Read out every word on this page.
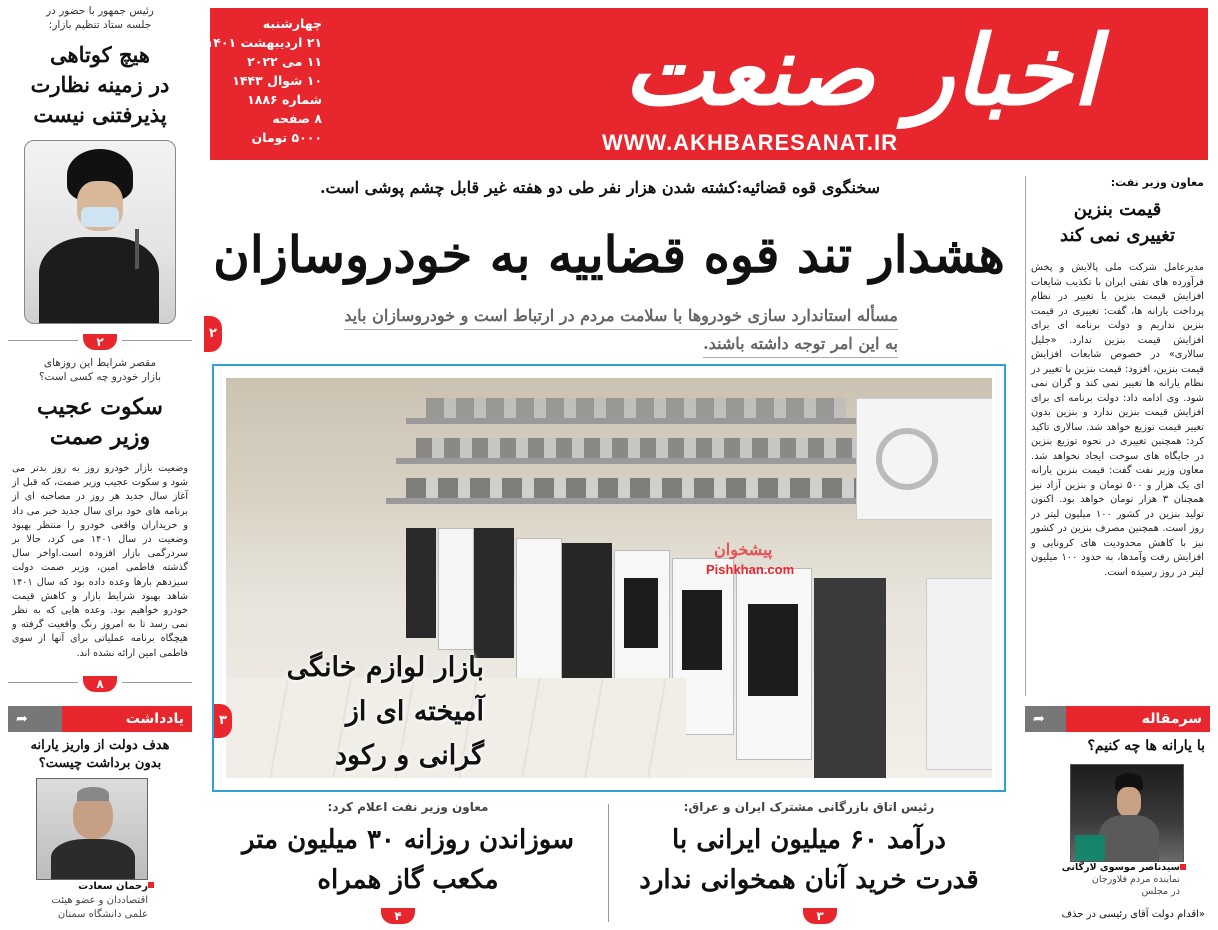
اخبار صنعت
WWW.AKHBARESANAT.IR
چهارشنبه
۲۱ اردیبهشت ۱۴۰۱
۱۱ می ۲۰۲۲
۱۰ شوال ۱۴۴۳
شماره ۱۸۸۶
۸ صفحه
۵۰۰۰ تومان
رئیس جمهور با حضور در
جلسه ستاد تنظیم بازار:
هیچ کوتاهی
در زمینه نظارت
پذیرفتنی نیست
۲
مقصر شرایط این روزهای
بازار خودرو چه کسی است؟
سکوت عجیب
وزیر صمت
وضعیت بازار خودرو روز به روز بدتر می شود و سکوت عجیب وزیر صمت، که قبل از آغاز سال جدید هر روز در مصاحبه ای از برنامه های خود برای سال جدید خبر می داد و خریداران واقعی خودرو را منتظر بهبود وضعیت در سال ۱۴۰۱ می کرد، حالا بر سردرگمی بازار افزوده است.اواخر سال گذشته فاطمی امین، وزیر صمت دولت سیزدهم بارها وعده داده بود که سال ۱۴۰۱ شاهد بهبود شرایط بازار و کاهش قیمت خودرو خواهیم بود. وعده هایی که به نظر نمی رسد تا به امروز رنگ واقعیت گرفته و هیچگاه برنامه عملیاتی برای آنها از سوی فاطمی امین ارائه نشده اند.
۸
یادداشت
➦
هدف دولت از واریز یارانه
بدون برداشت چیست؟
رحمان سعادت
اقتصاددان و عضو هیئت
علمی دانشگاه سمنان
سخنگوی قوه قضائیه:کشته شدن هزار نفر طی دو هفته غیر قابل چشم پوشی است.
هشدار تند قوه قضاییه به خودروسازان
مسأله استاندارد سازی خودروها با سلامت مردم در ارتباط است و خودروسازان باید
به این امر توجه داشته باشند.
۲
Pishkhan.com
پیشخوان
بازار لوازم خانگی
آمیخته ای از
گرانی و رکود
۳
معاون وزیر نفت اعلام کرد:
سوزاندن روزانه ۳۰ میلیون متر
مکعب گاز همراه
۴
رئیس اتاق بازرگانی مشترک ایران و عراق:
درآمد ۶۰ میلیون ایرانی با
قدرت خرید آنان همخوانی ندارد
۳
معاون وزیر نفت:
قیمت بنزین
تغییری نمی کند
مدیرعامل شرکت ملی پالایش و پخش فرآورده های نفتی ایران با تکذیب شایعات افزایش قیمت بنزین با تغییر در نظام پرداخت یارانه ها، گفت: تغییری در قیمت بنزین نداریم و دولت برنامه ای برای افزایش قیمت بنزین ندارد. «جلیل سالاری» در خصوص شایعات افزایش قیمت بنزین، افزود: قیمت بنزین با تغییر در نظام یارانه ها تغییر نمی کند و گران نمی شود. وی ادامه داد: دولت برنامه ای برای افزایش قیمت بنزین ندارد و بنزین بدون تغییر قیمت توزیع خواهد شد. سالاری تاکید کرد: همچنین تغییری در نحوه توزیع بنزین در جایگاه های سوخت ایجاد نخواهد شد. معاون وزیر نفت گفت: قیمت بنزین یارانه ای یک هزار و ۵۰۰ تومان و بنزین آزاد نیز همچنان ۳ هزار تومان خواهد بود. اکنون تولید بنزین در کشور ۱۰۰ میلیون لیتر در روز است. همچنین مصرف بنزین در کشور نیز با کاهش محدودیت های کرونایی و افزایش رفت وآمدها، به حدود ۱۰۰ میلیون لیتر در روز رسیده است.
سرمقاله
➦
با یارانه ها چه کنیم؟
سیدناصر موسوی لارگانی
نماینده مردم فلاورجان
در مجلس
«اقدام دولت آقای رئیسی در حذف
